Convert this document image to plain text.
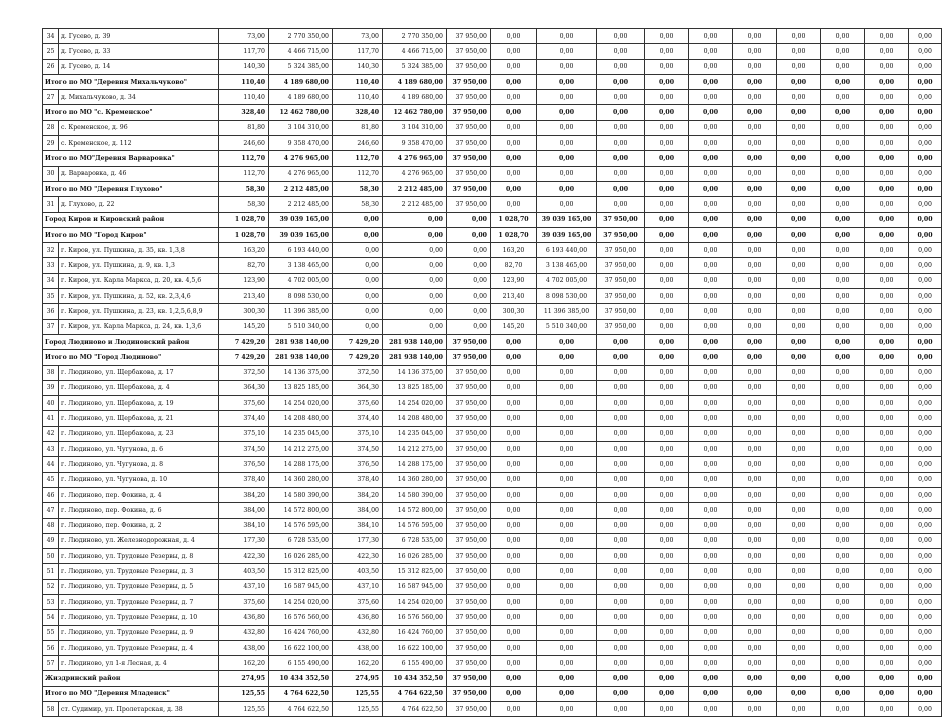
34	д. Гусево, д. 39	73,00	2 770 350,00	73,00	2 770 350,00	37 950,00	0,00	0,00	0,00	0,00	0,00	0,00	0,00	0,00	0,00	0,00
25	д. Гусево, д. 33	117,70	4 466 715,00	117,70	4 466 715,00	37 950,00	0,00	0,00	0,00	0,00	0,00	0,00	0,00	0,00	0,00	0,00
26	д. Гусево, д. 14	140,30	5 324 385,00	140,30	5 324 385,00	37 950,00	0,00	0,00	0,00	0,00	0,00	0,00	0,00	0,00	0,00	0,00
Итого по МО "Деревня Михальчуково"		110,40	4 189 680,00	110,40	4 189 680,00	37 950,00	0,00	0,00	0,00	0,00	0,00	0,00	0,00	0,00	0,00	0,00
27	д. Михальчуково, д. 34	110,40	4 189 680,00	110,40	4 189 680,00	37 950,00	0,00	0,00	0,00	0,00	0,00	0,00	0,00	0,00	0,00	0,00
Итого по МО "с. Кременское"		328,40	12 462 780,00	328,40	12 462 780,00	37 950,00	0,00	0,00	0,00	0,00	0,00	0,00	0,00	0,00	0,00	0,00
28	с. Кременское, д. 96	81,80	3 104 310,00	81,80	3 104 310,00	37 950,00	0,00	0,00	0,00	0,00	0,00	0,00	0,00	0,00	0,00	0,00
29	с. Кременское, д. 112	246,60	9 358 470,00	246,60	9 358 470,00	37 950,00	0,00	0,00	0,00	0,00	0,00	0,00	0,00	0,00	0,00	0,00
Итого по МО"Деревня Варваровка"		112,70	4 276 965,00	112,70	4 276 965,00	37 950,00	0,00	0,00	0,00	0,00	0,00	0,00	0,00	0,00	0,00	0,00
30	д. Варваровка, д. 46	112,70	4 276 965,00	112,70	4 276 965,00	37 950,00	0,00	0,00	0,00	0,00	0,00	0,00	0,00	0,00	0,00	0,00
Итого по МО "Деревня Глухово"		58,30	2 212 485,00	58,30	2 212 485,00	37 950,00	0,00	0,00	0,00	0,00	0,00	0,00	0,00	0,00	0,00	0,00
31	д. Глухово, д. 22	58,30	2 212 485,00	58,30	2 212 485,00	37 950,00	0,00	0,00	0,00	0,00	0,00	0,00	0,00	0,00	0,00	0,00
Город Киров и Кировский район		1 028,70	39 039 165,00	0,00	0,00	0,00	1 028,70	39 039 165,00	37 950,00	0,00	0,00	0,00	0,00	0,00	0,00	0,00
Итого по МО "Город Киров"		1 028,70	39 039 165,00	0,00	0,00	0,00	1 028,70	39 039 165,00	37 950,00	0,00	0,00	0,00	0,00	0,00	0,00	0,00
32	г. Киров, ул. Пушкина, д. 35, кв. 1,3,8	163,20	6 193 440,00	0,00	0,00	0,00	163,20	6 193 440,00	37 950,00	0,00	0,00	0,00	0,00	0,00	0,00	0,00
33	г. Киров, ул. Пушкина, д. 9, кв. 1,3	82,70	3 138 465,00	0,00	0,00	0,00	82,70	3 138 465,00	37 950,00	0,00	0,00	0,00	0,00	0,00	0,00	0,00
34	г. Киров, ул. Карла Маркса, д. 20, кв. 4,5,6	123,90	4 702 005,00	0,00	0,00	0,00	123,90	4 702 005,00	37 950,00	0,00	0,00	0,00	0,00	0,00	0,00	0,00
35	г. Киров, ул. Пушкина, д. 52, кв. 2,3,4,6	213,40	8 098 530,00	0,00	0,00	0,00	213,40	8 098 530,00	37 950,00	0,00	0,00	0,00	0,00	0,00	0,00	0,00
36	г. Киров, ул. Пушкина, д. 23, кв. 1,2,5,6,8,9	300,30	11 396 385,00	0,00	0,00	0,00	300,30	11 396 385,00	37 950,00	0,00	0,00	0,00	0,00	0,00	0,00	0,00
37	г. Киров, ул. Карла Маркса, д. 24, кв. 1,3,6	145,20	5 510 340,00	0,00	0,00	0,00	145,20	5 510 340,00	37 950,00	0,00	0,00	0,00	0,00	0,00	0,00	0,00
Город Людиново и Людиновский район		7 429,20	281 938 140,00	7 429,20	281 938 140,00	37 950,00	0,00	0,00	0,00	0,00	0,00	0,00	0,00	0,00	0,00	0,00
Итого по МО "Город Людиново"		7 429,20	281 938 140,00	7 429,20	281 938 140,00	37 950,00	0,00	0,00	0,00	0,00	0,00	0,00	0,00	0,00	0,00	0,00
38	г. Людиново, ул. Щербакова, д. 17	372,50	14 136 375,00	372,50	14 136 375,00	37 950,00	0,00	0,00	0,00	0,00	0,00	0,00	0,00	0,00	0,00	0,00
39	г. Людиново, ул. Щербакова, д. 4	364,30	13 825 185,00	364,30	13 825 185,00	37 950,00	0,00	0,00	0,00	0,00	0,00	0,00	0,00	0,00	0,00	0,00
40	г. Людиново, ул. Щербакова, д. 19	375,60	14 254 020,00	375,60	14 254 020,00	37 950,00	0,00	0,00	0,00	0,00	0,00	0,00	0,00	0,00	0,00	0,00
41	г. Людиново, ул. Щербакова, д. 21	374,40	14 208 480,00	374,40	14 208 480,00	37 950,00	0,00	0,00	0,00	0,00	0,00	0,00	0,00	0,00	0,00	0,00
42	г. Людиново, ул. Щербакова, д. 23	375,10	14 235 045,00	375,10	14 235 045,00	37 950,00	0,00	0,00	0,00	0,00	0,00	0,00	0,00	0,00	0,00	0,00
43	г. Людиново, ул. Чугунова, д. 6	374,50	14 212 275,00	374,50	14 212 275,00	37 950,00	0,00	0,00	0,00	0,00	0,00	0,00	0,00	0,00	0,00	0,00
44	г. Людиново, ул. Чугунова, д. 8	376,50	14 288 175,00	376,50	14 288 175,00	37 950,00	0,00	0,00	0,00	0,00	0,00	0,00	0,00	0,00	0,00	0,00
45	г. Людиново, ул. Чугунова, д. 10	378,40	14 360 280,00	378,40	14 360 280,00	37 950,00	0,00	0,00	0,00	0,00	0,00	0,00	0,00	0,00	0,00	0,00
46	г. Людиново, пер. Фокина, д. 4	384,20	14 580 390,00	384,20	14 580 390,00	37 950,00	0,00	0,00	0,00	0,00	0,00	0,00	0,00	0,00	0,00	0,00
47	г. Людиново, пер. Фокина, д. 6	384,00	14 572 800,00	384,00	14 572 800,00	37 950,00	0,00	0,00	0,00	0,00	0,00	0,00	0,00	0,00	0,00	0,00
48	г. Людиново, пер. Фокина, д. 2	384,10	14 576 595,00	384,10	14 576 595,00	37 950,00	0,00	0,00	0,00	0,00	0,00	0,00	0,00	0,00	0,00	0,00
49	г. Людиново, ул. Железнодорожная, д. 4	177,30	6 728 535,00	177,30	6 728 535,00	37 950,00	0,00	0,00	0,00	0,00	0,00	0,00	0,00	0,00	0,00	0,00
50	г. Людиново, ул. Трудовые Резервы, д. 8	422,30	16 026 285,00	422,30	16 026 285,00	37 950,00	0,00	0,00	0,00	0,00	0,00	0,00	0,00	0,00	0,00	0,00
51	г. Людиново, ул. Трудовые Резервы, д. 3	403,50	15 312 825,00	403,50	15 312 825,00	37 950,00	0,00	0,00	0,00	0,00	0,00	0,00	0,00	0,00	0,00	0,00
52	г. Людиново, ул. Трудовые Резервы, д. 5	437,10	16 587 945,00	437,10	16 587 945,00	37 950,00	0,00	0,00	0,00	0,00	0,00	0,00	0,00	0,00	0,00	0,00
53	г. Людиново, ул. Трудовые Резервы, д. 7	375,60	14 254 020,00	375,60	14 254 020,00	37 950,00	0,00	0,00	0,00	0,00	0,00	0,00	0,00	0,00	0,00	0,00
54	г. Людиново, ул. Трудовые Резервы, д. 10	436,80	16 576 560,00	436,80	16 576 560,00	37 950,00	0,00	0,00	0,00	0,00	0,00	0,00	0,00	0,00	0,00	0,00
55	г. Людиново, ул. Трудовые Резервы, д. 9	432,80	16 424 760,00	432,80	16 424 760,00	37 950,00	0,00	0,00	0,00	0,00	0,00	0,00	0,00	0,00	0,00	0,00
56	г. Людиново, ул. Трудовые Резервы, д. 4	438,00	16 622 100,00	438,00	16 622 100,00	37 950,00	0,00	0,00	0,00	0,00	0,00	0,00	0,00	0,00	0,00	0,00
57	г. Людиново, ул 1-я Лесная, д. 4	162,20	6 155 490,00	162,20	6 155 490,00	37 950,00	0,00	0,00	0,00	0,00	0,00	0,00	0,00	0,00	0,00	0,00
Жиздринский район		274,95	10 434 352,50	274,95	10 434 352,50	37 950,00	0,00	0,00	0,00	0,00	0,00	0,00	0,00	0,00	0,00	0,00
Итого по МО "Деревня Младенск"		125,55	4 764 622,50	125,55	4 764 622,50	37 950,00	0,00	0,00	0,00	0,00	0,00	0,00	0,00	0,00	0,00	0,00
58	ст. Судимир, ул. Пролетарская, д. 38	125,55	4 764 622,50	125,55	4 764 622,50	37 950,00	0,00	0,00	0,00	0,00	0,00	0,00	0,00	0,00	0,00	0,00
